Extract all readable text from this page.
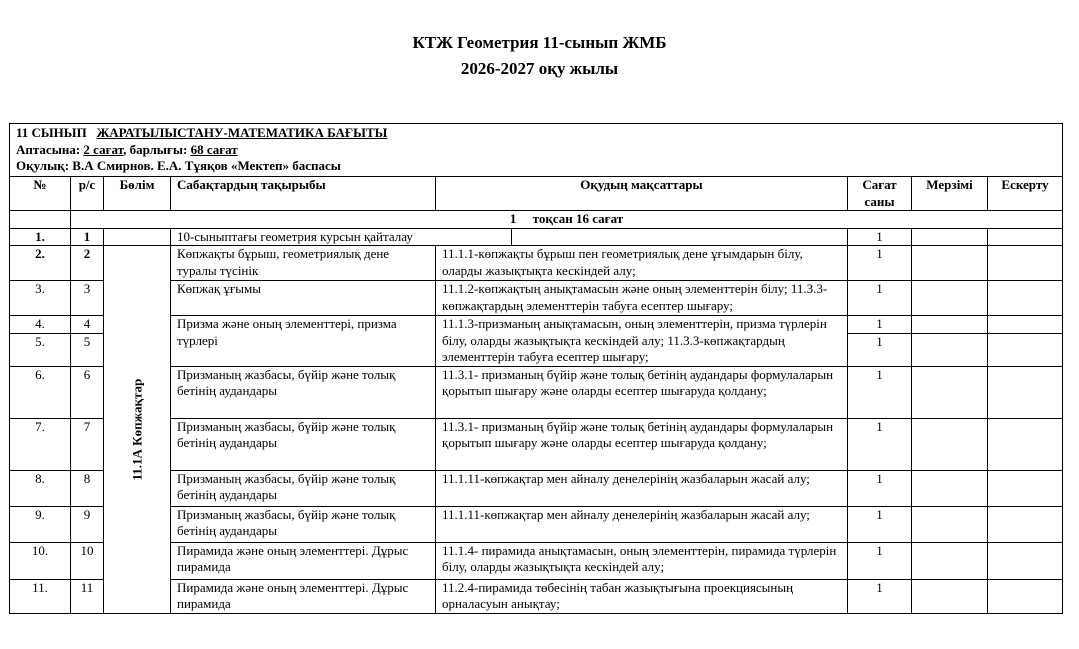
КТЖ Геометрия 11-сынып ЖМБ
2026-2027 оқу жылы
11 СЫНЫП ЖАРАТЫЛЫСТАНУ-МАТЕМАТИКА БАҒЫТЫ
Аптасына: 2 сағат, барлығы: 68 сағат
Оқулық: В.А Смирнов. Е.А. Тұяқов «Мектеп» баспасы							

№	р/с	Бөлім	Сабақтардың тақырыбы	Оқудың мақсаттары	Сағат саны	Мерзімі	Ескерту
	1 тоқсан 16 сағат						
1.	1		10-сыныптағы геометрия курсын қайталау		1		
2.	2	11.1А Көпжақтар	Көпжақты бұрыш, геометриялық дене туралы түсінік	11.1.1-көпжақты бұрыш пен геометриялық дене ұғымдарын білу, оларды жазықтықта кескіндей алу;	1		
3.	3		Көпжақ ұғымы	11.1.2-көпжақтың анықтамасын және оның элементтерін білу; 11.3.3-көпжақтардың элементтерін табуға есептер шығару;	1		
4.	4		Призма және оның элементтері, призма түрлері	11.1.3-призманың анықтамасын, оның элементтерін, призма түрлерін білу, оларды жазықтықта кескіндей алу; 11.3.3-көпжақтардың элементтерін табуға есептер шығару;	1		
5.	5				1		
6.	6		Призманың жазбасы, бүйір және толық бетінің аудандары	11.3.1- призманың бүйір және толық бетінің аудандары формулаларын қорытып шығару және оларды есептер шығаруда қолдану;	1		
7.	7		Призманың жазбасы, бүйір және толық бетінің аудандары	11.3.1- призманың бүйір және толық бетінің аудандары формулаларын қорытып шығару және оларды есептер шығаруда қолдану;	1		
8.	8		Призманың жазбасы, бүйір және толық бетінің аудандары	11.1.11-көпжақтар мен айналу денелерінің жазбаларын жасай алу;	1		
9.	9		Призманың жазбасы, бүйір және толық бетінің аудандары	11.1.11-көпжақтар мен айналу денелерінің жазбаларын жасай алу;	1		
10.	10		Пирамида және оның элементтері. Дұрыс пирамида	11.1.4- пирамида анықтамасын, оның элементтерін, пирамида түрлерін білу, оларды жазықтықта кескіндей алу;	1		
11.	11		Пирамида және оның элементтері. Дұрыс пирамида	11.2.4-пирамида төбесінің табан жазықтығына проекциясының орналасуын анықтау;	1		
